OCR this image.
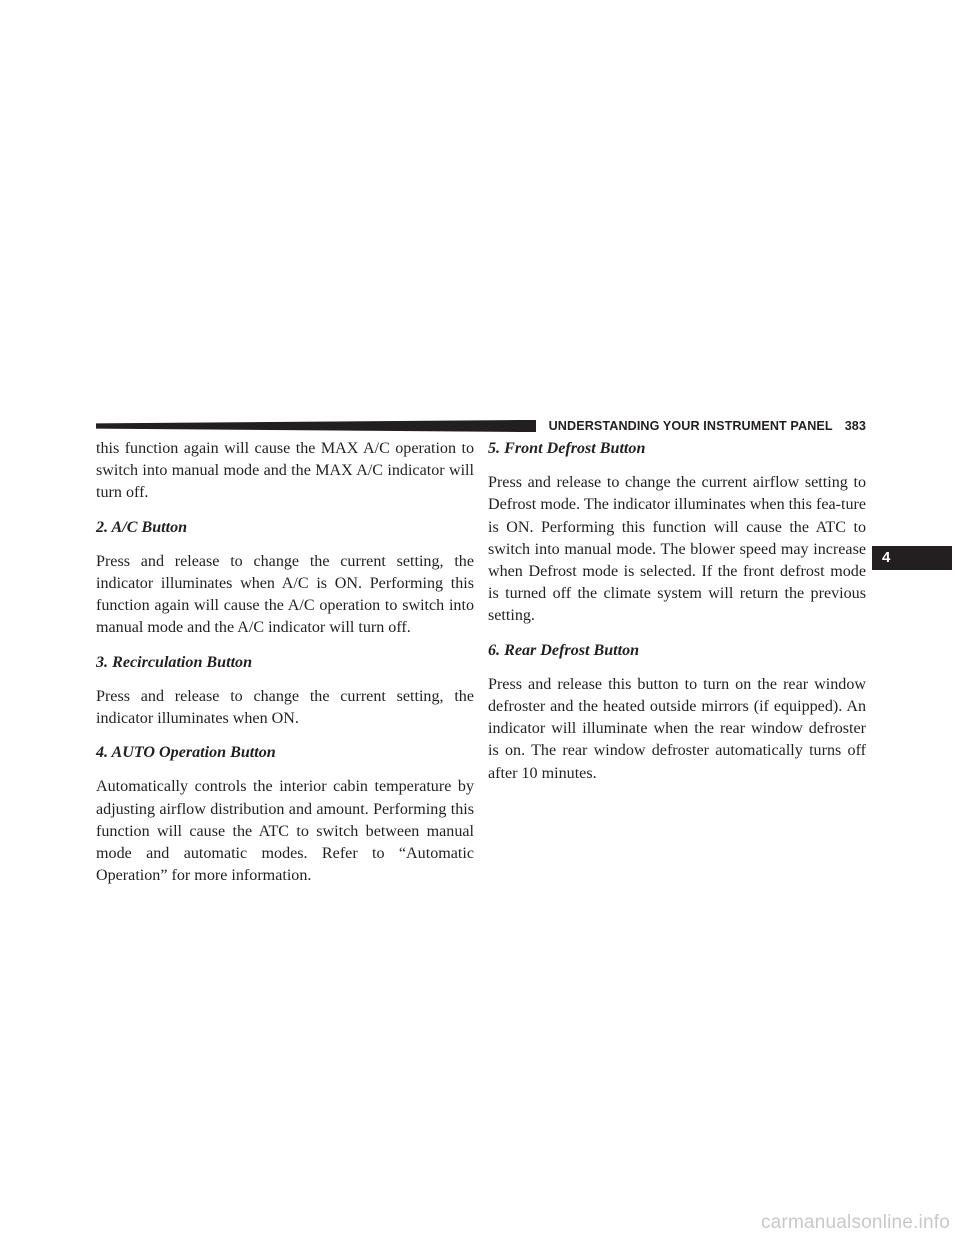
UNDERSTANDING YOUR INSTRUMENT PANEL 383

this function again will cause the MAX A/C operation to switch into manual mode and the MAX A/C indicator will turn off.

2. A/C Button

Press and release to change the current setting, the indicator illuminates when A/C is ON. Performing this function again will cause the A/C operation to switch into manual mode and the A/C indicator will turn off.

3. Recirculation Button

Press and release to change the current setting, the indicator illuminates when ON.

4. AUTO Operation Button

Automatically controls the interior cabin temperature by adjusting airflow distribution and amount. Performing this function will cause the ATC to switch between manual mode and automatic modes. Refer to “Automatic Operation” for more information.

5. Front Defrost Button

Press and release to change the current airflow setting to Defrost mode. The indicator illuminates when this fea-ture is ON. Performing this function will cause the ATC to switch into manual mode. The blower speed may increase when Defrost mode is selected. If the front defrost mode is turned off the climate system will return the previous setting.

6. Rear Defrost Button

Press and release this button to turn on the rear window defroster and the heated outside mirrors (if equipped). An indicator will illuminate when the rear window defroster is on. The rear window defroster automatically turns off after 10 minutes.

4
carmanualsonline.info
